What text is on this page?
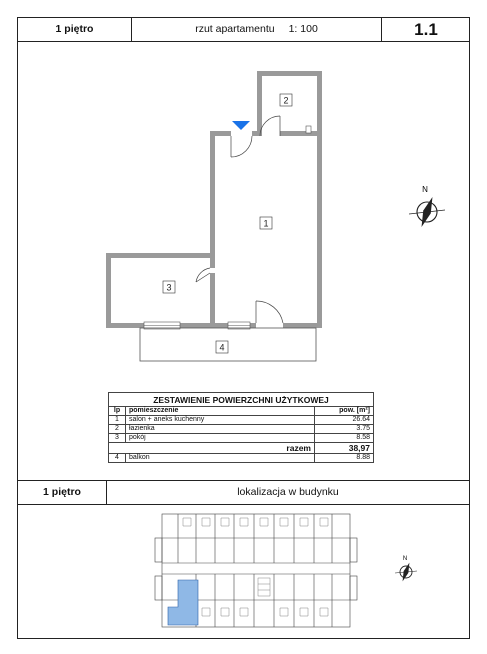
1 piętro	rzut apartamentu 1: 100	1.1
2
1
3
4
N
ZESTAWIENIE POWIERZCHNI UŻYTKOWEJ		
lp	pomieszczenie	pow. [m²]
1	salon + aneks kuchenny	26.64
2	łazienka	3.75
3	pokój	8.58
razem		38,97
4	balkon	8.88
1 piętro	lokalizacja w budynku
N
